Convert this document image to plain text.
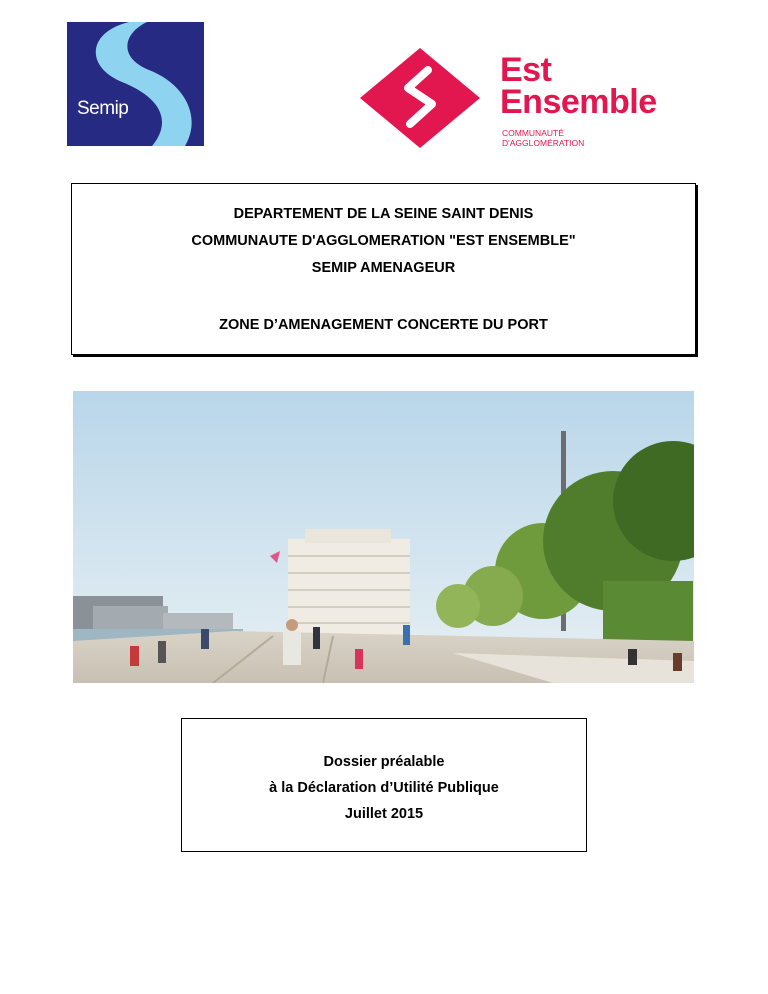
Semip
Est
Ensemble
COMMUNAUTÉ
D'AGGLOMÉRATION
DEPARTEMENT DE LA SEINE SAINT DENIS
COMMUNAUTE D'AGGLOMERATION "EST ENSEMBLE"
SEMIP AMENAGEUR
ZONE D’AMENAGEMENT CONCERTE DU PORT
Dossier préalable
à la Déclaration d’Utilité Publique
Juillet 2015
